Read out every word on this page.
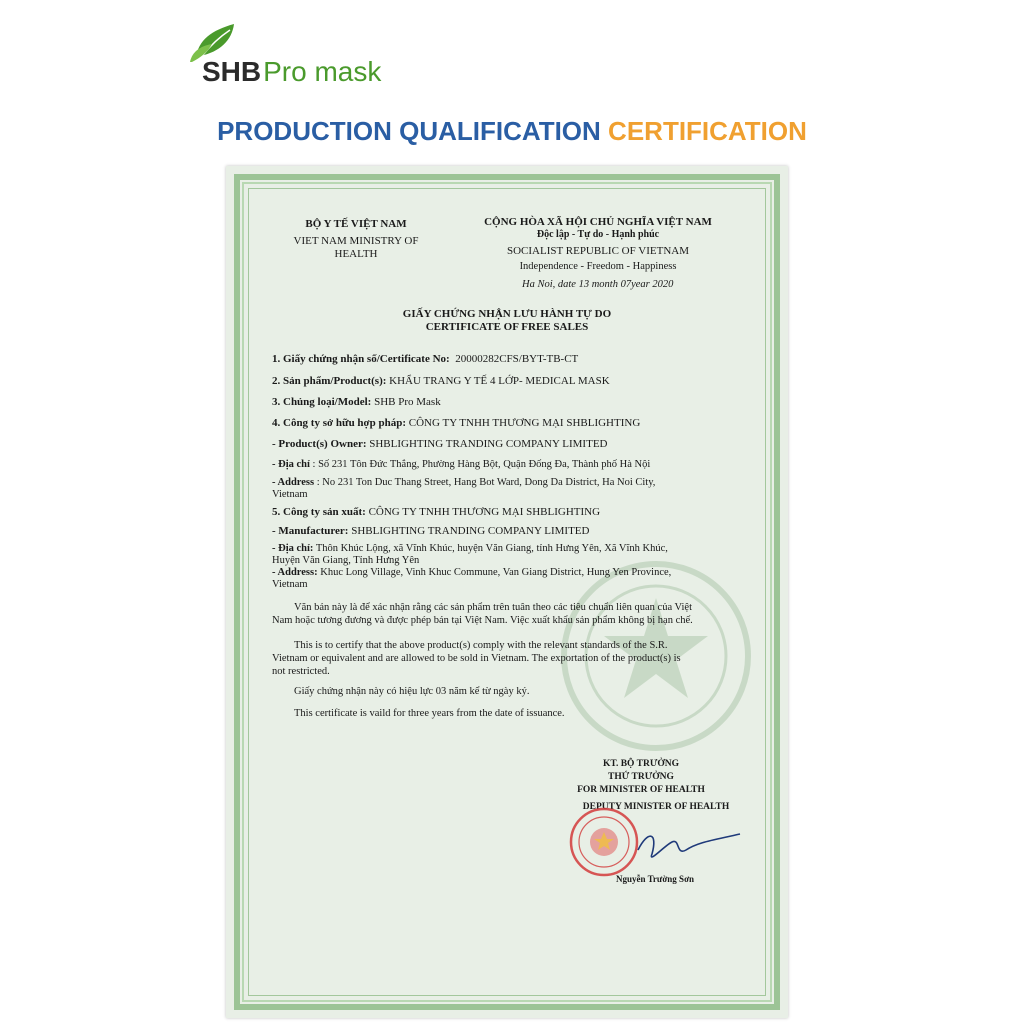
SHBPro mask
PRODUCTION QUALIFICATION CERTIFICATION
BỘ Y TẾ VIỆT NAM
VIET NAM MINISTRY OF
HEALTH
CỘNG HÒA XÃ HỘI CHỦ NGHĨA VIỆT NAM
Độc lập - Tự do - Hạnh phúc
SOCIALIST REPUBLIC OF VIETNAM
Independence - Freedom - Happiness
Ha Noi, date 13 month 07year 2020
GIẤY CHỨNG NHẬN LƯU HÀNH TỰ DO
CERTIFICATE OF FREE SALES
1. Giấy chứng nhận số/Certificate No: 20000282CFS/BYT-TB-CT
2. Sản phẩm/Product(s): KHẨU TRANG Y TẾ 4 LỚP- MEDICAL MASK
3. Chủng loại/Model: SHB Pro Mask
4. Công ty sở hữu hợp pháp: CÔNG TY TNHH THƯƠNG MẠI SHBLIGHTING
- Product(s) Owner: SHBLIGHTING TRANDING COMPANY LIMITED
- Địa chỉ : Số 231 Tôn Đức Thắng, Phường Hàng Bột, Quận Đống Đa, Thành phố Hà Nội
- Address : No 231 Ton Duc Thang Street, Hang Bot Ward, Dong Da District, Ha Noi City,
Vietnam
5. Công ty sản xuất: CÔNG TY TNHH THƯƠNG MẠI SHBLIGHTING
- Manufacturer: SHBLIGHTING TRANDING COMPANY LIMITED
- Địa chỉ: Thôn Khúc Lộng, xã Vĩnh Khúc, huyện Văn Giang, tỉnh Hưng Yên, Xã Vĩnh Khúc,
Huyện Văn Giang, Tỉnh Hưng Yên
- Address: Khuc Long Village, Vinh Khuc Commune, Van Giang District, Hung Yen Province,
Vietnam
Văn bản này là để xác nhận rằng các sản phẩm trên tuân theo các tiêu chuẩn liên quan của Việt
Nam hoặc tương đương và được phép bán tại Việt Nam. Việc xuất khẩu sản phẩm không bị hạn chế.
This is to certify that the above product(s) comply with the relevant standards of the S.R.
Vietnam or equivalent and are allowed to be sold in Vietnam. The exportation of the product(s) is
not restricted.
Giấy chứng nhận này có hiệu lực 03 năm kể từ ngày ký.
This certificate is vaild for three years from the date of issuance.
KT. BỘ TRƯỞNG
THỨ TRƯỞNG
FOR MINISTER OF HEALTH
DEPUTY MINISTER OF HEALTH
Nguyễn Trường Sơn
